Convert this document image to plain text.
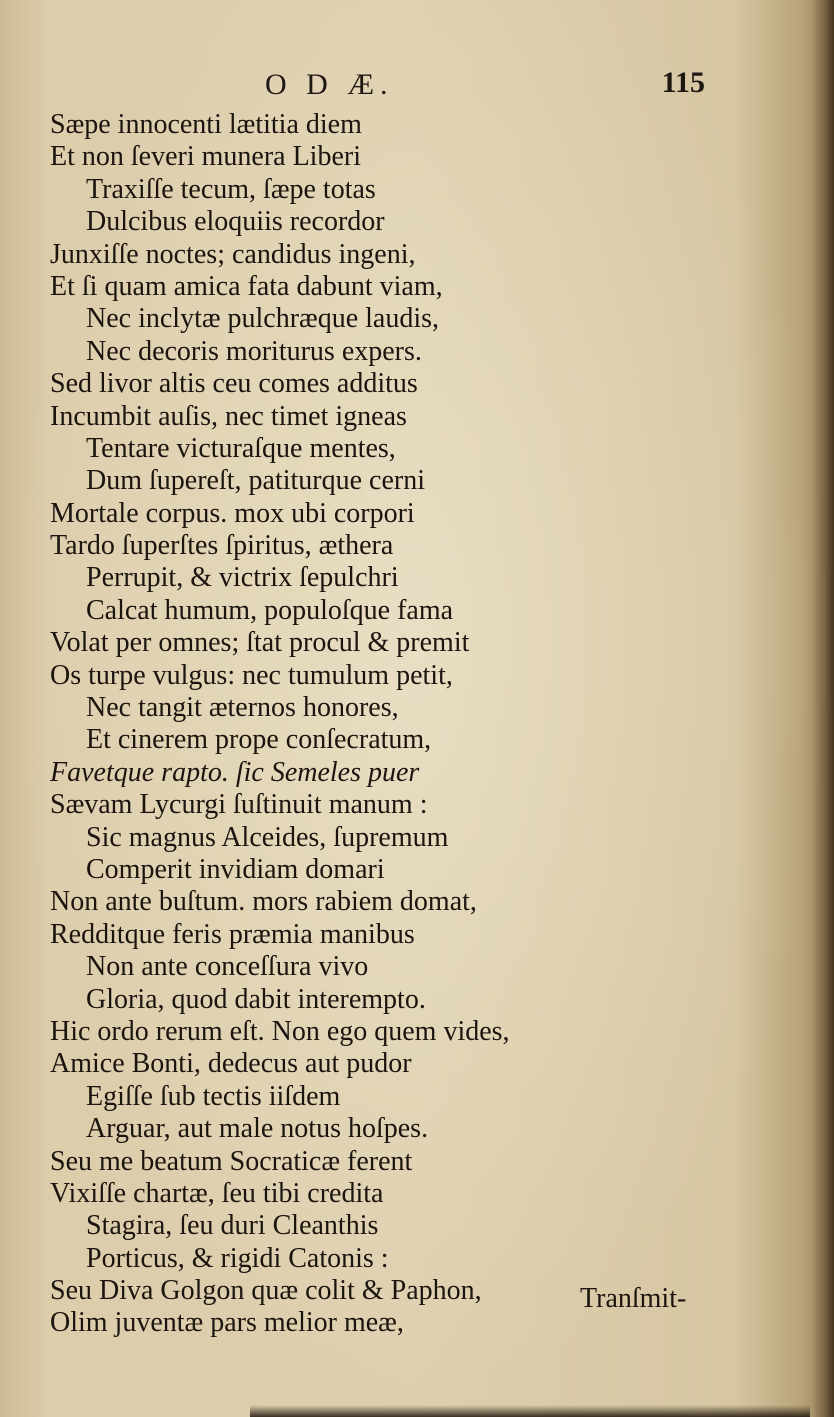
O D Æ.	115
Sæpe innocenti lætitia diem
Et non ſeveri munera Liberi
Traxiſſe tecum, ſæpe totas
Dulcibus eloquiis recordor
Junxiſſe noctes; candidus ingeni,
Et ſi quam amica fata dabunt viam,
Nec inclytæ pulchræque laudis,
Nec decoris moriturus expers.
Sed livor altis ceu comes additus
Incumbit auſis, nec timet igneas
Tentare victuraſque mentes,
Dum ſupereſt, patiturque cerni
Mortale corpus. mox ubi corpori
Tardo ſuperſtes ſpiritus, æthera
Perrupit, & victrix ſepulchri
Calcat humum, populoſque fama
Volat per omnes; ſtat procul & premit
Os turpe vulgus: nec tumulum petit,
Nec tangit æternos honores,
Et cinerem prope conſecratum,
Favetque rapto. ſic Semeles puer
Sævam Lycurgi ſuſtinuit manum :
Sic magnus Alceides, ſupremum
Comperit invidiam domari
Non ante buſtum. mors rabiem domat,
Redditque feris præmia manibus
Non ante conceſſura vivo
Gloria, quod dabit interempto.
Hic ordo rerum eſt. Non ego quem vides,
Amice Bonti, dedecus aut pudor
Egiſſe ſub tectis iiſdem
Arguar, aut male notus hoſpes.
Seu me beatum Socraticæ ferent
Vixiſſe chartæ, ſeu tibi credita
Stagira, ſeu duri Cleanthis
Porticus, & rigidi Catonis :
Seu Diva Golgon quæ colit & Paphon,
Olim juventæ pars melior meæ,
Tranſmit-
